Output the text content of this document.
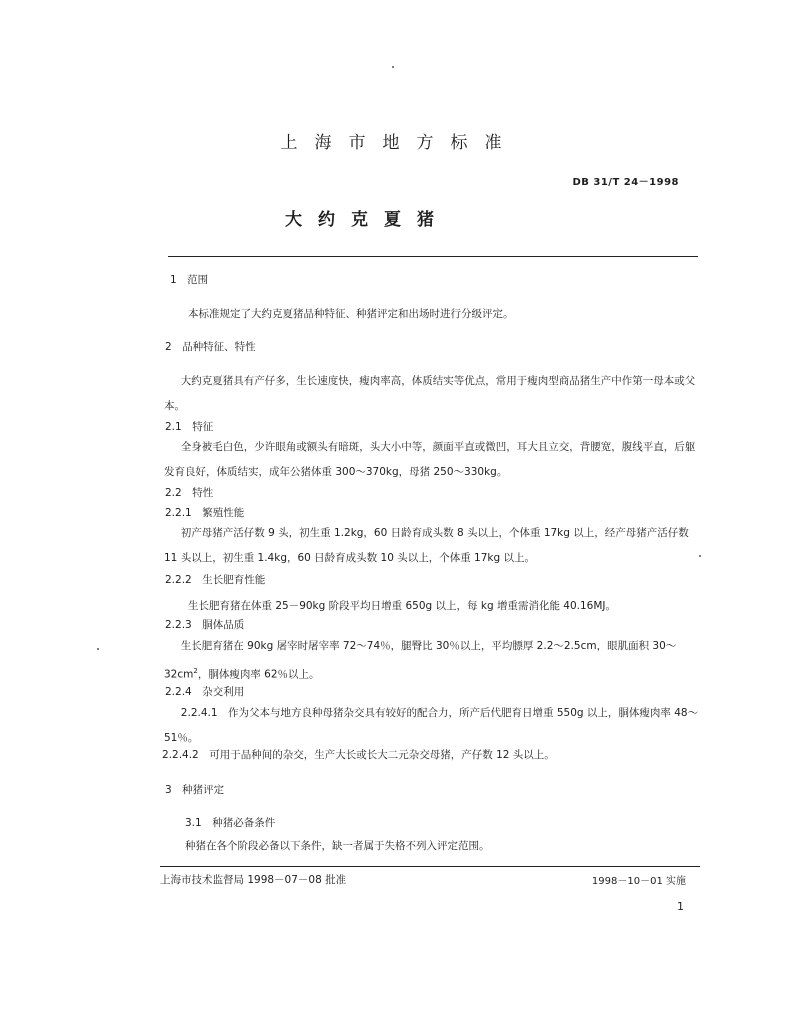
上海市地方标准
DB 31/T 24－1998
大约克夏猪
1　范围
本标准规定了大约克夏猪品种特征、种猪评定和出场时进行分级评定。
2　品种特征、特性
大约克夏猪具有产仔多，生长速度快，瘦肉率高，体质结实等优点，常用于瘦肉型商品猪生产中作第一母本或父本。
2.1　特征
全身被毛白色，少许眼角或额头有暗斑，头大小中等，颜面平直或微凹，耳大且立交，背腰宽，腹线平直，后躯发育良好，体质结实，成年公猪体重 300～370kg，母猪 250～330kg。
2.2　特性
2.2.1　繁殖性能
初产母猪产活仔数 9 头，初生重 1.2kg，60 日龄育成头数 8 头以上，个体重 17kg 以上，经产母猪产活仔数 11 头以上，初生重 1.4kg，60 日龄育成头数 10 头以上，个体重 17kg 以上。
2.2.2　生长肥育性能
生长肥育猪在体重 25－90kg 阶段平均日增重 650g 以上，每 kg 增重需消化能 40.16MJ。
2.2.3　胴体品质
生长肥育猪在 90kg 屠宰时屠宰率 72～74％，腿臀比 30％以上，平均膘厚 2.2～2.5cm，眼肌面积 $30\sim 32cm^2$，胴体瘦肉率 62％以上。
2.2.4　杂交利用
2.2.4.1　作为父本与地方良种母猪杂交具有较好的配合力，所产后代肥育日增重 550g 以上，胴体瘦肉率 48～51％。
2.2.4.2　可用于品种间的杂交，生产大长或长大二元杂交母猪，产仔数 12 头以上。
3　种猪评定
3.1　种猪必备条件
种猪在各个阶段必备以下条件，缺一者属于失格不列入评定范围。
上海市技术监督局 1998－07－08 批准	1998－10－01 实施
1
